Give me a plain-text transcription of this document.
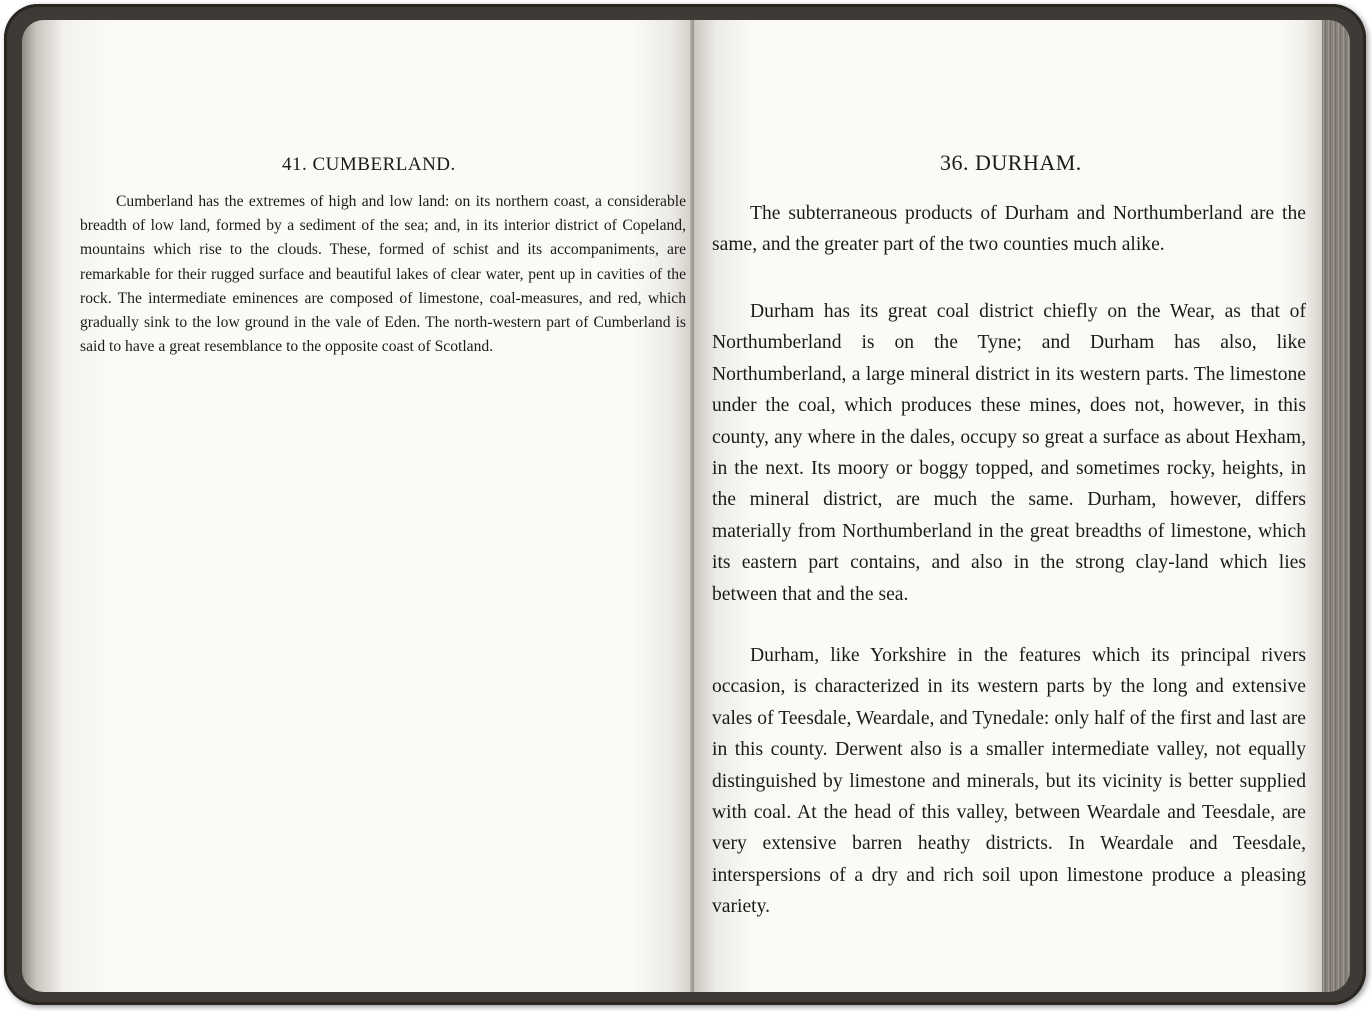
41. CUMBERLAND.

Cumberland has the extremes of high and low land: on its northern coast, a considerable breadth of low land, formed by a sediment of the sea; and, in its interior district of Copeland, mountains which rise to the clouds. These, formed of schist and its accompaniments, are remarkable for their rugged surface and beautiful lakes of clear water, pent up in cavities of the rock. The intermediate eminences are composed of limestone, coal-measures, and red, which gradually sink to the low ground in the vale of Eden. The north-western part of Cumberland is said to have a great resemblance to the opposite coast of Scotland.

36. DURHAM.

The subterraneous products of Durham and Northumberland are the same, and the greater part of the two counties much alike.

Durham has its great coal district chiefly on the Wear, as that of Northumberland is on the Tyne; and Durham has also, like Northumberland, a large mineral district in its western parts. The limestone under the coal, which produces these mines, does not, however, in this county, any where in the dales, occupy so great a surface as about Hexham, in the next. Its moory or boggy topped, and sometimes rocky, heights, in the mineral district, are much the same. Durham, however, differs materially from Northumberland in the great breadths of limestone, which its eastern part contains, and also in the strong clay-land which lies between that and the sea.

Durham, like Yorkshire in the features which its principal rivers occasion, is characterized in its western parts by the long and extensive vales of Teesdale, Weardale, and Tynedale: only half of the first and last are in this county. Derwent also is a smaller intermediate valley, not equally distinguished by limestone and minerals, but its vicinity is better supplied with coal. At the head of this valley, between Weardale and Teesdale, are very extensive barren heathy districts. In Weardale and Teesdale, interspersions of a dry and rich soil upon limestone produce a pleasing variety.
